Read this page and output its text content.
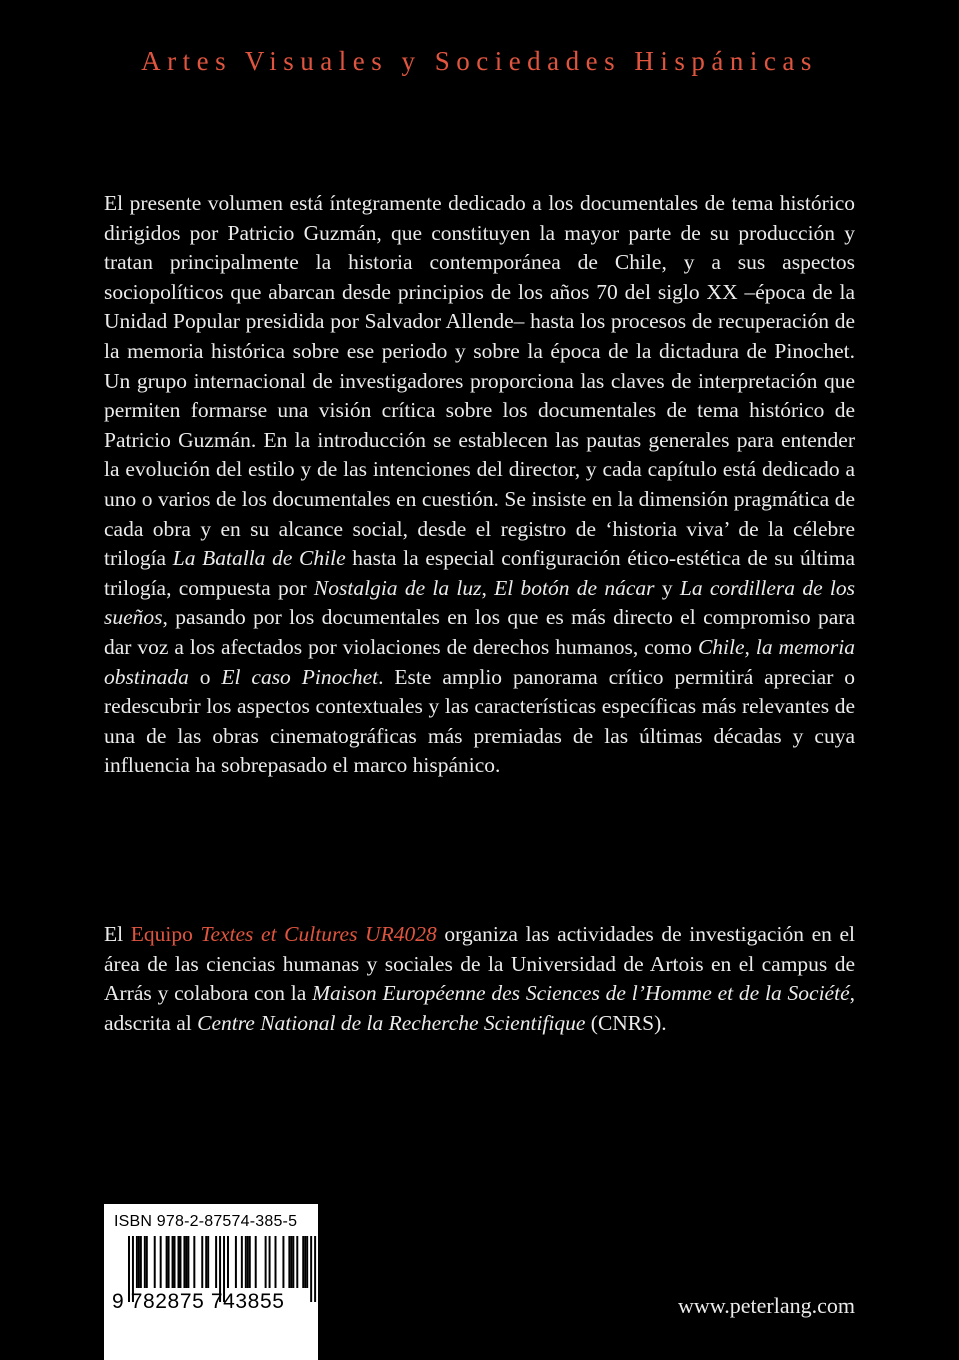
Artes Visuales y Sociedades Hispánicas

El presente volumen está íntegramente dedicado a los documentales de tema histórico dirigidos por Patricio Guzmán, que constituyen la mayor parte de su producción y tratan principalmente la historia contemporánea de Chile, y a sus aspectos sociopolíticos que abarcan desde principios de los años 70 del siglo XX –época de la Unidad Popular presidida por Salvador Allende– hasta los procesos de recuperación de la memoria histórica sobre ese periodo y sobre la época de la dictadura de Pinochet. Un grupo internacional de investigadores proporciona las claves de interpretación que permiten formarse una visión crítica sobre los documentales de tema histórico de Patricio Guzmán. En la introducción se establecen las pautas generales para entender la evolución del estilo y de las intenciones del director, y cada capítulo está dedicado a uno o varios de los documentales en cuestión. Se insiste en la dimensión pragmática de cada obra y en su alcance social, desde el registro de ‘historia viva’ de la célebre trilogía La Batalla de Chile hasta la especial configuración ético-estética de su última trilogía, compuesta por Nostalgia de la luz, El botón de nácar y La cordillera de los sueños, pasando por los documentales en los que es más directo el compromiso para dar voz a los afectados por violaciones de derechos humanos, como Chile, la memoria obstinada o El caso Pinochet. Este amplio panorama crítico permitirá apreciar o redescubrir los aspectos contextuales y las características específicas más relevantes de una de las obras cinematográficas más premiadas de las últimas décadas y cuya influencia ha sobrepasado el marco hispánico.

El Equipo Textes et Cultures UR4028 organiza las actividades de investigación en el área de las ciencias humanas y sociales de la Universidad de Artois en el campus de Arrás y colabora con la Maison Européenne des Sciences de l’Homme et de la Société, adscrita al Centre National de la Recherche Scientifique (CNRS).

ISBN 978-2-87574-385-5
9 782875 743855	www.peterlang.com
